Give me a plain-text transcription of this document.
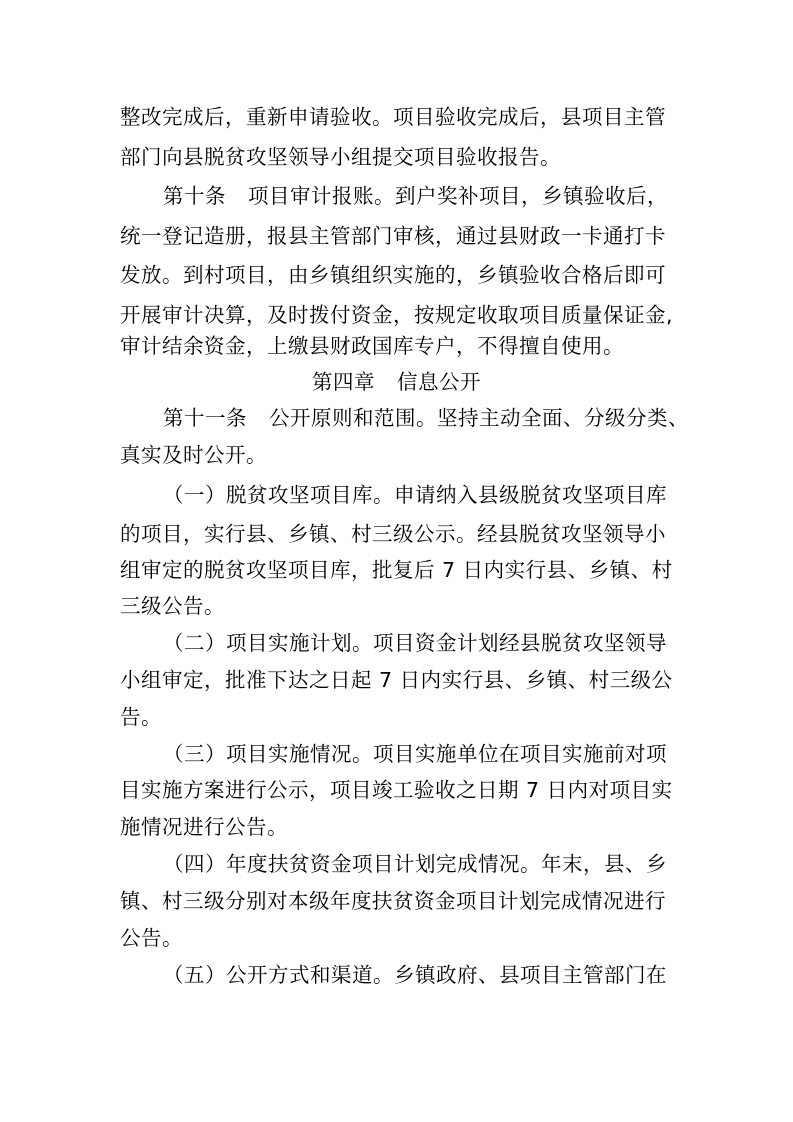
整改完成后，重新申请验收。项目验收完成后，县项目主管
部门向县脱贫攻坚领导小组提交项目验收报告。
第十条 项目审计报账。到户奖补项目，乡镇验收后，
统一登记造册，报县主管部门审核，通过县财政一卡通打卡
发放。到村项目，由乡镇组织实施的，乡镇验收合格后即可
开展审计决算，及时拨付资金，按规定收取项目质量保证金,
审计结余资金，上缴县财政国库专户，不得擅自使用。
第四章 信息公开
第十一条 公开原则和范围。坚持主动全面、分级分类、
真实及时公开。
（一）脱贫攻坚项目库。申请纳入县级脱贫攻坚项目库
的项目，实行县、乡镇、村三级公示。经县脱贫攻坚领导小
组审定的脱贫攻坚项目库，批复后 7 日内实行县、乡镇、村
三级公告。
（二）项目实施计划。项目资金计划经县脱贫攻坚领导
小组审定，批准下达之日起 7 日内实行县、乡镇、村三级公
告。
（三）项目实施情况。项目实施单位在项目实施前对项
目实施方案进行公示，项目竣工验收之日期 7 日内对项目实
施情况进行公告。
（四）年度扶贫资金项目计划完成情况。年末，县、乡
镇、村三级分别对本级年度扶贫资金项目计划完成情况进行
公告。
（五）公开方式和渠道。乡镇政府、县项目主管部门在
